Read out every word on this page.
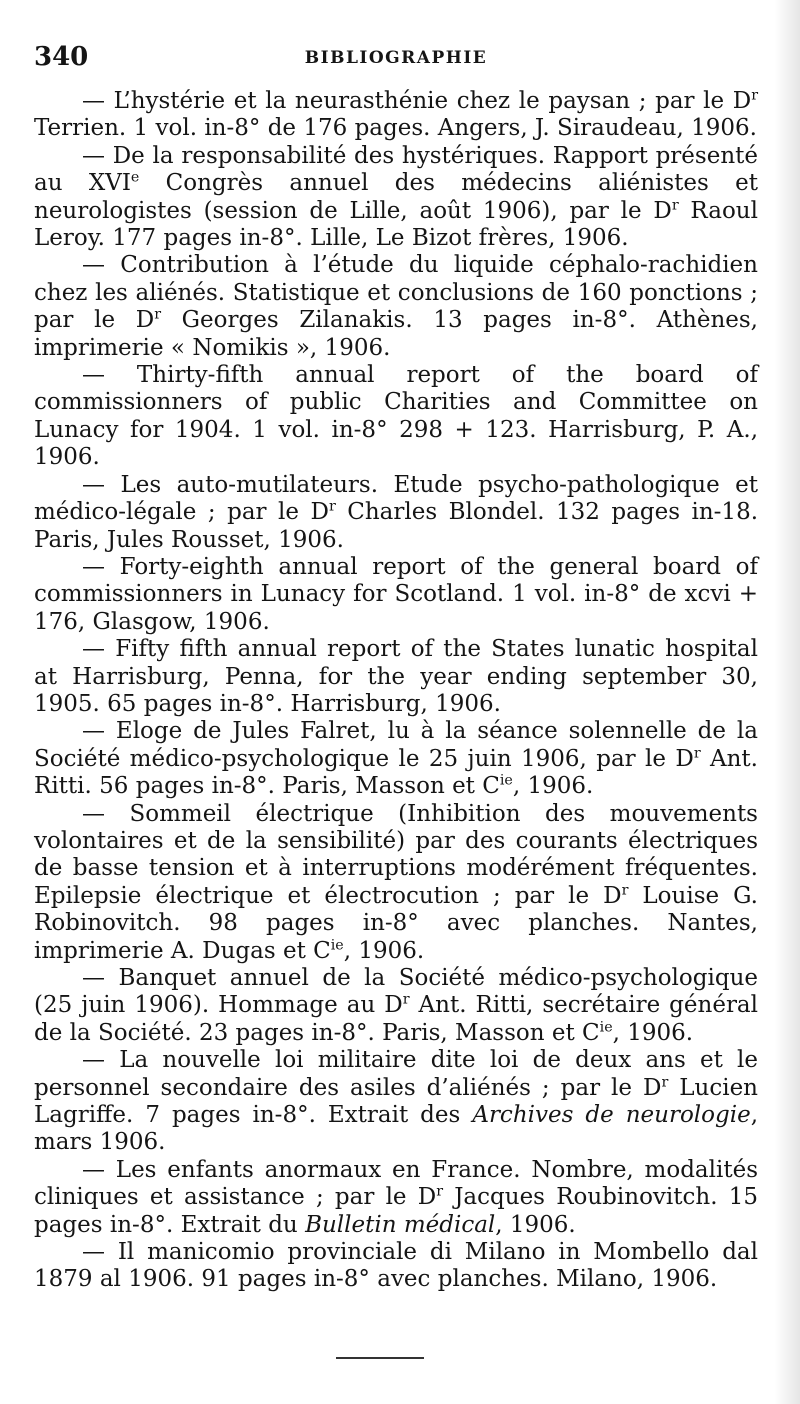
340	BIBLIOGRAPHIE

— L’hystérie et la neurasthénie chez le paysan ; par le $D^r$ Terrien. 1 vol. in-8° de 176 pages. Angers, J. Siraudeau, 1906.

— De la responsabilité des hystériques. Rapport présenté au XVIe Congrès annuel des médecins aliénistes et neurologistes (session de Lille, août 1906), par le $D^r$ Raoul Leroy. 177 pages in-8°. Lille, Le Bizot frères, 1906.

— Contribution à l’étude du liquide céphalo-rachidien chez les aliénés. Statistique et conclusions de 160 ponctions ; par le $D^r$ Georges Zilanakis. 13 pages in-8°. Athènes, imprimerie « Nomikis », 1906.

— Thirty-fifth annual report of the board of commissionners of public Charities and Committee on Lunacy for 1904. 1 vol. in-8° 298 + 123. Harrisburg, P. A., 1906.

— Les auto-mutilateurs. Etude psycho-pathologique et médico-légale ; par le $D^r$ Charles Blondel. 132 pages in-18. Paris, Jules Rousset, 1906.

— Forty-eighth annual report of the general board of commissionners in Lunacy for Scotland. 1 vol. in-8° de xcvi + 176, Glasgow, 1906.

— Fifty fifth annual report of the States lunatic hospital at Harrisburg, Penna, for the year ending september 30, 1905. 65 pages in-8°. Harrisburg, 1906.

— Eloge de Jules Falret, lu à la séance solennelle de la Société médico-psychologique le 25 juin 1906, par le $D^r$ Ant. Ritti. 56 pages in-8°. Paris, Masson et $C^{ie}$, 1906.

— Sommeil électrique (Inhibition des mouvements volontaires et de la sensibilité) par des courants électriques de basse tension et à interruptions modérément fréquentes. Epilepsie électrique et électrocution ; par le $D^r$ Louise G. Robinovitch. 98 pages in-8° avec planches. Nantes, imprimerie A. Dugas et $C^{ie}$, 1906.

— Banquet annuel de la Société médico-psychologique (25 juin 1906). Hommage au $D^r$ Ant. Ritti, secrétaire général de la Société. 23 pages in-8°. Paris, Masson et $C^{ie}$, 1906.

— La nouvelle loi militaire dite loi de deux ans et le personnel secondaire des asiles d’aliénés ; par le $D^r$ Lucien Lagriffe. 7 pages in-8°. Extrait des Archives de neurologie, mars 1906.

— Les enfants anormaux en France. Nombre, modalités cliniques et assistance ; par le $D^r$ Jacques Roubinovitch. 15 pages in-8°. Extrait du Bulletin médical, 1906.

— Il manicomio provinciale di Milano in Mombello dal 1879 al 1906. 91 pages in-8° avec planches. Milano, 1906.
